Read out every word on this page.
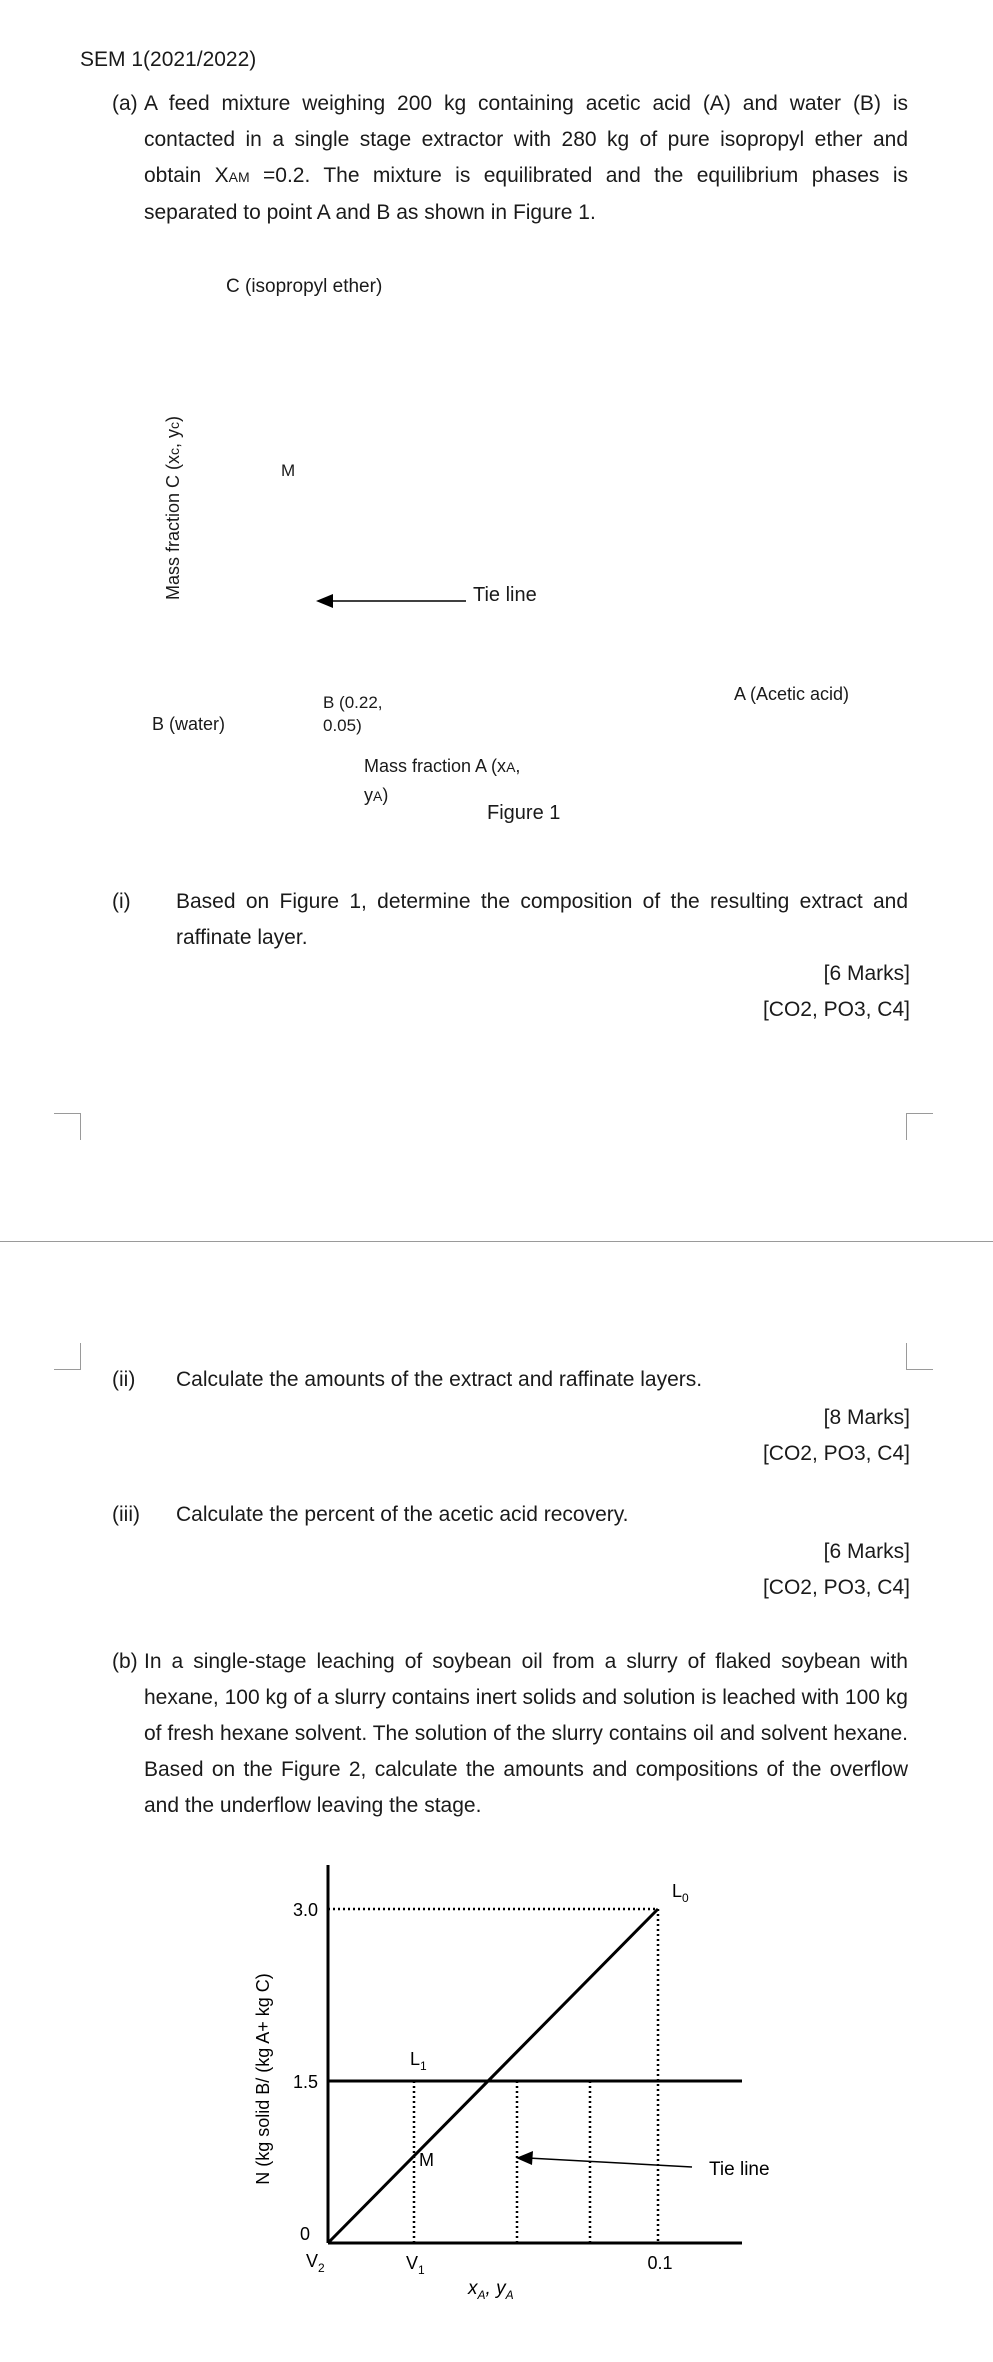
SEM 1(2021/2022)
(a) A feed mixture weighing 200 kg containing acetic acid (A) and water (B) is contacted in a single stage extractor with 280 kg of pure isopropyl ether and obtain XAM =0.2. The mixture is equilibrated and the equilibrium phases is separated to point A and B as shown in Figure 1.
C (isopropyl ether)
Mass fraction C (xc, yc)
M
Tie line
B (0.22,
0.05)
B (water)
A (Acetic acid)
Mass fraction A (xA,
yA)
Figure 1
(i) Based on Figure 1, determine the composition of the resulting extract and raffinate layer.
[6 Marks]
[CO2, PO3, C4]
(ii) Calculate the amounts of the extract and raffinate layers.
[8 Marks]
[CO2, PO3, C4]
(iii) Calculate the percent of the acetic acid recovery.
[6 Marks]
[CO2, PO3, C4]
(b) In a single-stage leaching of soybean oil from a slurry of flaked soybean with hexane, 100 kg of a slurry contains inert solids and solution is leached with 100 kg of fresh hexane solvent. The solution of the slurry contains oil and solvent hexane. Based on the Figure 2, calculate the amounts and compositions of the overflow and the underflow leaving the stage.
3.0
1.5
0
0.1
N (kg solid B/ (kg A+ kg C)
$L_0$
$L_1$
M
$V_2$	$V_1$
Tie line
$x_A$, $y_A$
